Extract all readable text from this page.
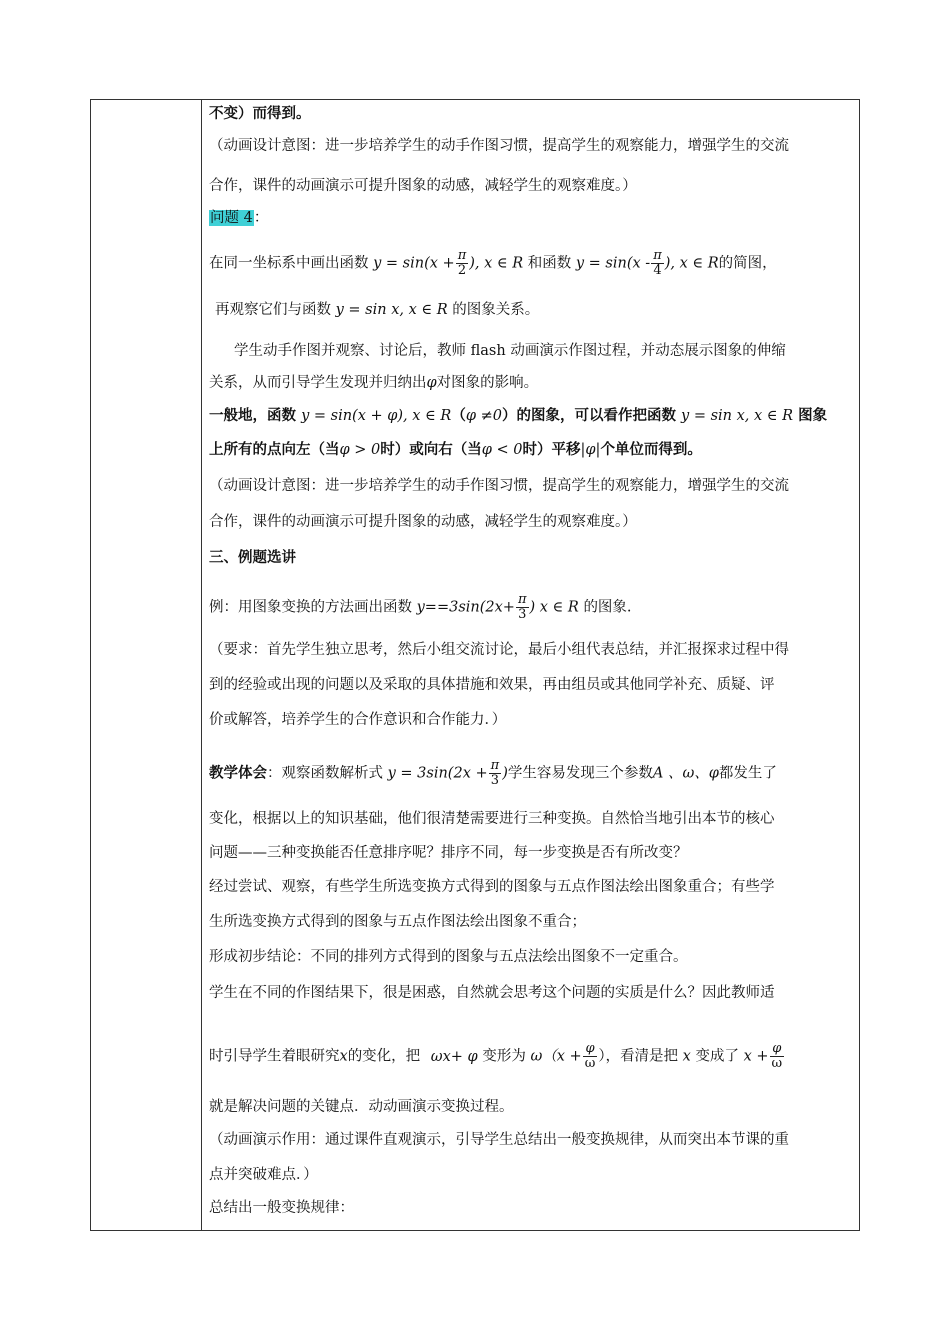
不变）而得到。
（动画设计意图：进一步培养学生的动手作图习惯，提高学生的观察能力，增强学生的交流
合作，课件的动画演示可提升图象的动感，减轻学生的观察难度。）
问题 4：
在同一坐标系中画出函数 $y = \sin(x + \frac{\pi}{2}$ ), x ∈ R 和函数 $y = \sin(x - \frac{\pi}{4}$ ), x ∈ R的简图，
再观察它们与函数 y = sin x, x ∈ R 的图象关系。
学生动手作图并观察、讨论后，教师 flash 动画演示作图过程，并动态展示图象的伸缩
关系，从而引导学生发现并归纳出φ对图象的影响。
一般地，函数 y = sin(x + φ), x ∈ R（φ ≠0）的图象，可以看作把函数 y = sin x, x ∈ R 图象
上所有的点向左（当φ > 0时）或向右（当φ < 0时）平移|φ|个单位而得到。
（动画设计意图：进一步培养学生的动手作图习惯，提高学生的观察能力，增强学生的交流
合作，课件的动画演示可提升图象的动感，减轻学生的观察难度。）
三、例题选讲
例：用图象变换的方法画出函数 $y==3\sin(2x+ \frac{\pi}{3}$ ) x ∈ R 的图象.
（要求：首先学生独立思考，然后小组交流讨论，最后小组代表总结，并汇报探求过程中得
到的经验或出现的问题以及采取的具体措施和效果，再由组员或其他同学补充、质疑、评
价或解答，培养学生的合作意识和合作能力．）
教学体会：观察函数解析式 $y = 3\sin(2x + \frac{\pi}{3}$ )学生容易发现三个参数A 、ω、φ都发生了
变化，根据以上的知识基础，他们很清楚需要进行三种变换。自然恰当地引出本节的核心
问题——三种变换能否任意排序呢？排序不同，每一步变换是否有所改变？
经过尝试、观察，有些学生所选变换方式得到的图象与五点作图法绘出图象重合；有些学
生所选变换方式得到的图象与五点作图法绘出图象不重合；
形成初步结论：不同的排列方式得到的图象与五点法绘出图象不一定重合。
学生在不同的作图结果下，很是困惑，自然就会思考这个问题的实质是什么？因此教师适
时引导学生着眼研究x的变化，把 ωx+ φ 变形为 $\omega(x + \frac{\varphi}{\omega}$ ），看清是把 x 变成了 $x + \frac{\varphi}{\omega}$
就是解决问题的关键点．动动画演示变换过程。
（动画演示作用：通过课件直观演示，引导学生总结出一般变换规律，从而突出本节课的重
点并突破难点．）
总结出一般变换规律：
